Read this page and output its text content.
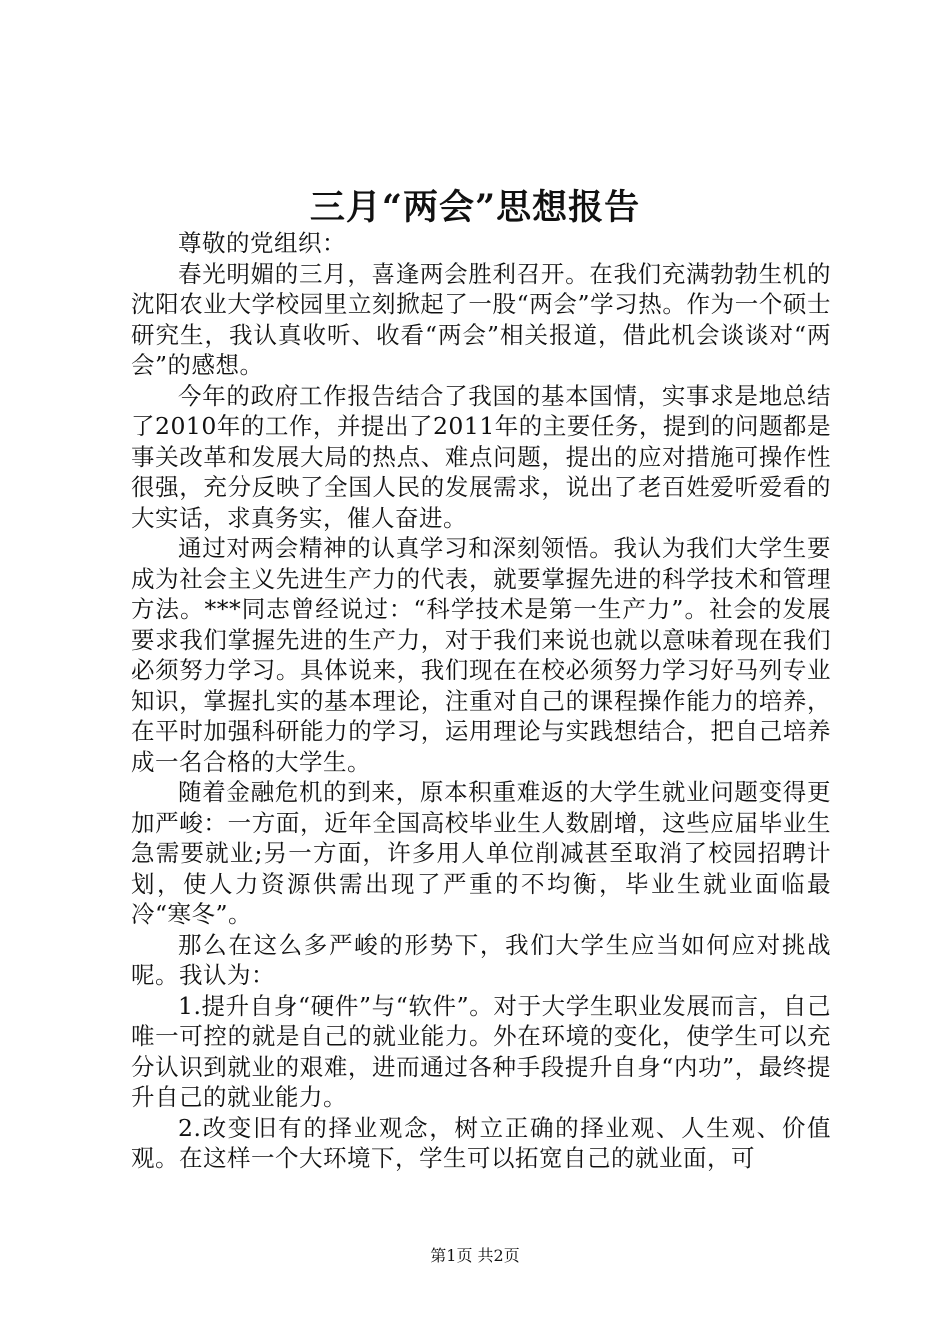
三月“两会”思想报告

尊敬的党组织：

春光明媚的三月，喜逢两会胜利召开。在我们充满勃勃生机的沈阳农业大学校园里立刻掀起了一股“两会”学习热。作为一个硕士研究生，我认真收听、收看“两会”相关报道，借此机会谈谈对“两会”的感想。

今年的政府工作报告结合了我国的基本国情，实事求是地总结了2010年的工作，并提出了2011年的主要任务，提到的问题都是事关改革和发展大局的热点、难点问题，提出的应对措施可操作性很强，充分反映了全国人民的发展需求，说出了老百姓爱听爱看的大实话，求真务实，催人奋进。

通过对两会精神的认真学习和深刻领悟。我认为我们大学生要成为社会主义先进生产力的代表，就要掌握先进的科学技术和管理方法。***同志曾经说过：“科学技术是第一生产力”。社会的发展要求我们掌握先进的生产力，对于我们来说也就以意味着现在我们必须努力学习。具体说来，我们现在在校必须努力学习好马列专业知识，掌握扎实的基本理论，注重对自己的课程操作能力的培养，在平时加强科研能力的学习，运用理论与实践想结合，把自己培养成一名合格的大学生。

随着金融危机的到来，原本积重难返的大学生就业问题变得更加严峻：一方面，近年全国高校毕业生人数剧增，这些应届毕业生急需要就业;另一方面，许多用人单位削减甚至取消了校园招聘计划，使人力资源供需出现了严重的不均衡，毕业生就业面临最冷“寒冬”。

那么在这么多严峻的形势下，我们大学生应当如何应对挑战呢。我认为：

1.提升自身“硬件”与“软件”。对于大学生职业发展而言，自己唯一可控的就是自己的就业能力。外在环境的变化，使学生可以充分认识到就业的艰难，进而通过各种手段提升自身“内功”，最终提升自己的就业能力。

2.改变旧有的择业观念，树立正确的择业观、人生观、价值观。在这样一个大环境下，学生可以拓宽自己的就业面，可

第1页 共2页
